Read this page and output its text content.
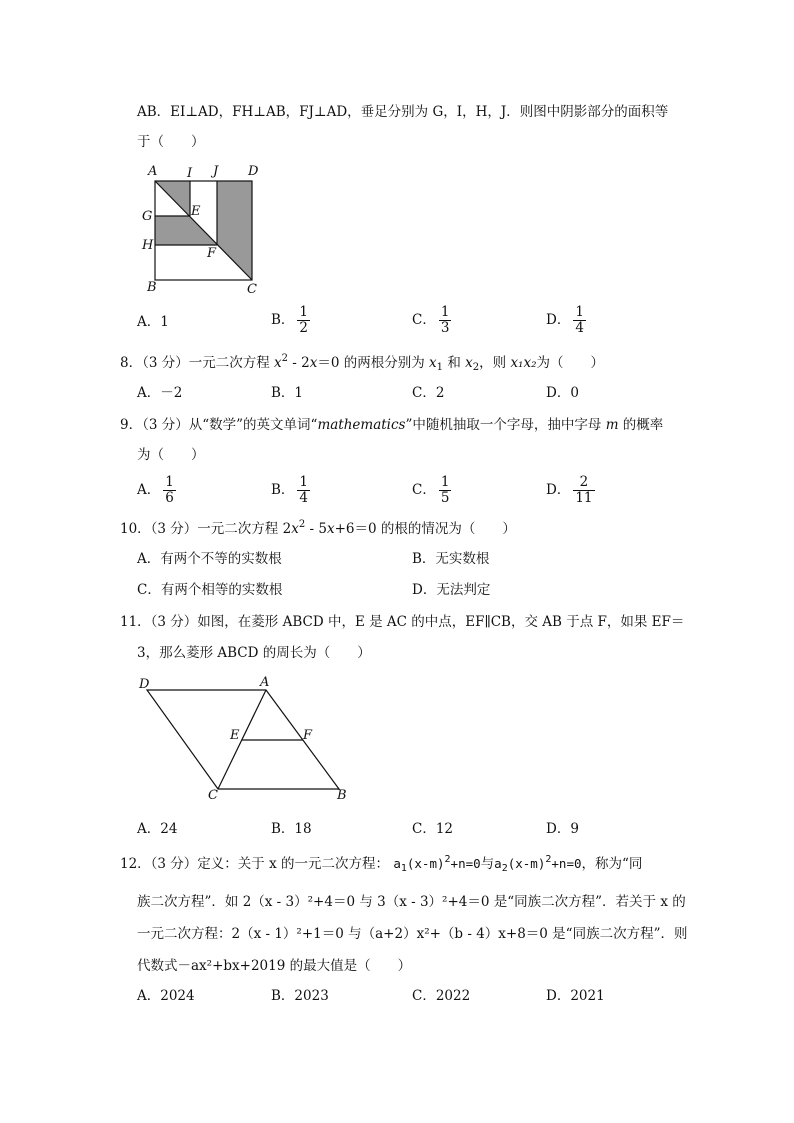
AB．EI⊥AD，FH⊥AB，FJ⊥AD，垂足分别为 G，I，H，J．则图中阴影部分的面积等
于（　　）
A I J D
G	E
H
F
B	C
A．1	B． $\frac{1}{2}$	C． $\frac{1}{3}$	D． $\frac{1}{4}$
8．（3 分）一元二次方程 $x^2 - 2x=0$ 的两根分别为 $x_1$ 和 $x_2$，则 x₁x₂为（　　）
A．－2	B．1	C．2	D．0
9．（3 分）从“数学”的英文单词“mathematics”中随机抽取一个字母，抽中字母 m 的概率
为（　　）
A． $\frac{1}{6}$	B． $\frac{1}{4}$	C． $\frac{1}{5}$	D． $\frac{2}{11}$
10．（3 分）一元二次方程 $2x^2 - 5x+6=0$ 的根的情况为（　　）
A．有两个不等的实数根	B．无实数根
C．有两个相等的实数根	D．无法判定
11．（3 分）如图，在菱形 ABCD 中，E 是 AC 的中点，EF∥CB，交 AB 于点 F，如果 EF＝
3，那么菱形 ABCD 的周长为（　　）
D	A
E	F
C	B
A．24	B．18	C．12	D．9
12．（3 分）定义：关于 x 的一元二次方程： $a_1(x-m)^2+n=0$与$a_2(x-m)^2+n=0$，称为“同
族二次方程”．如 2（x - 3）²+4＝0 与 3（x - 3）²+4＝0 是“同族二次方程”．若关于 x 的
一元二次方程：2（x - 1）²+1＝0 与（a+2）x²+（b - 4）x+8＝0 是“同族二次方程”．则
代数式－ax²+bx+2019 的最大值是（　　）
A．2024	B．2023	C．2022	D．2021
